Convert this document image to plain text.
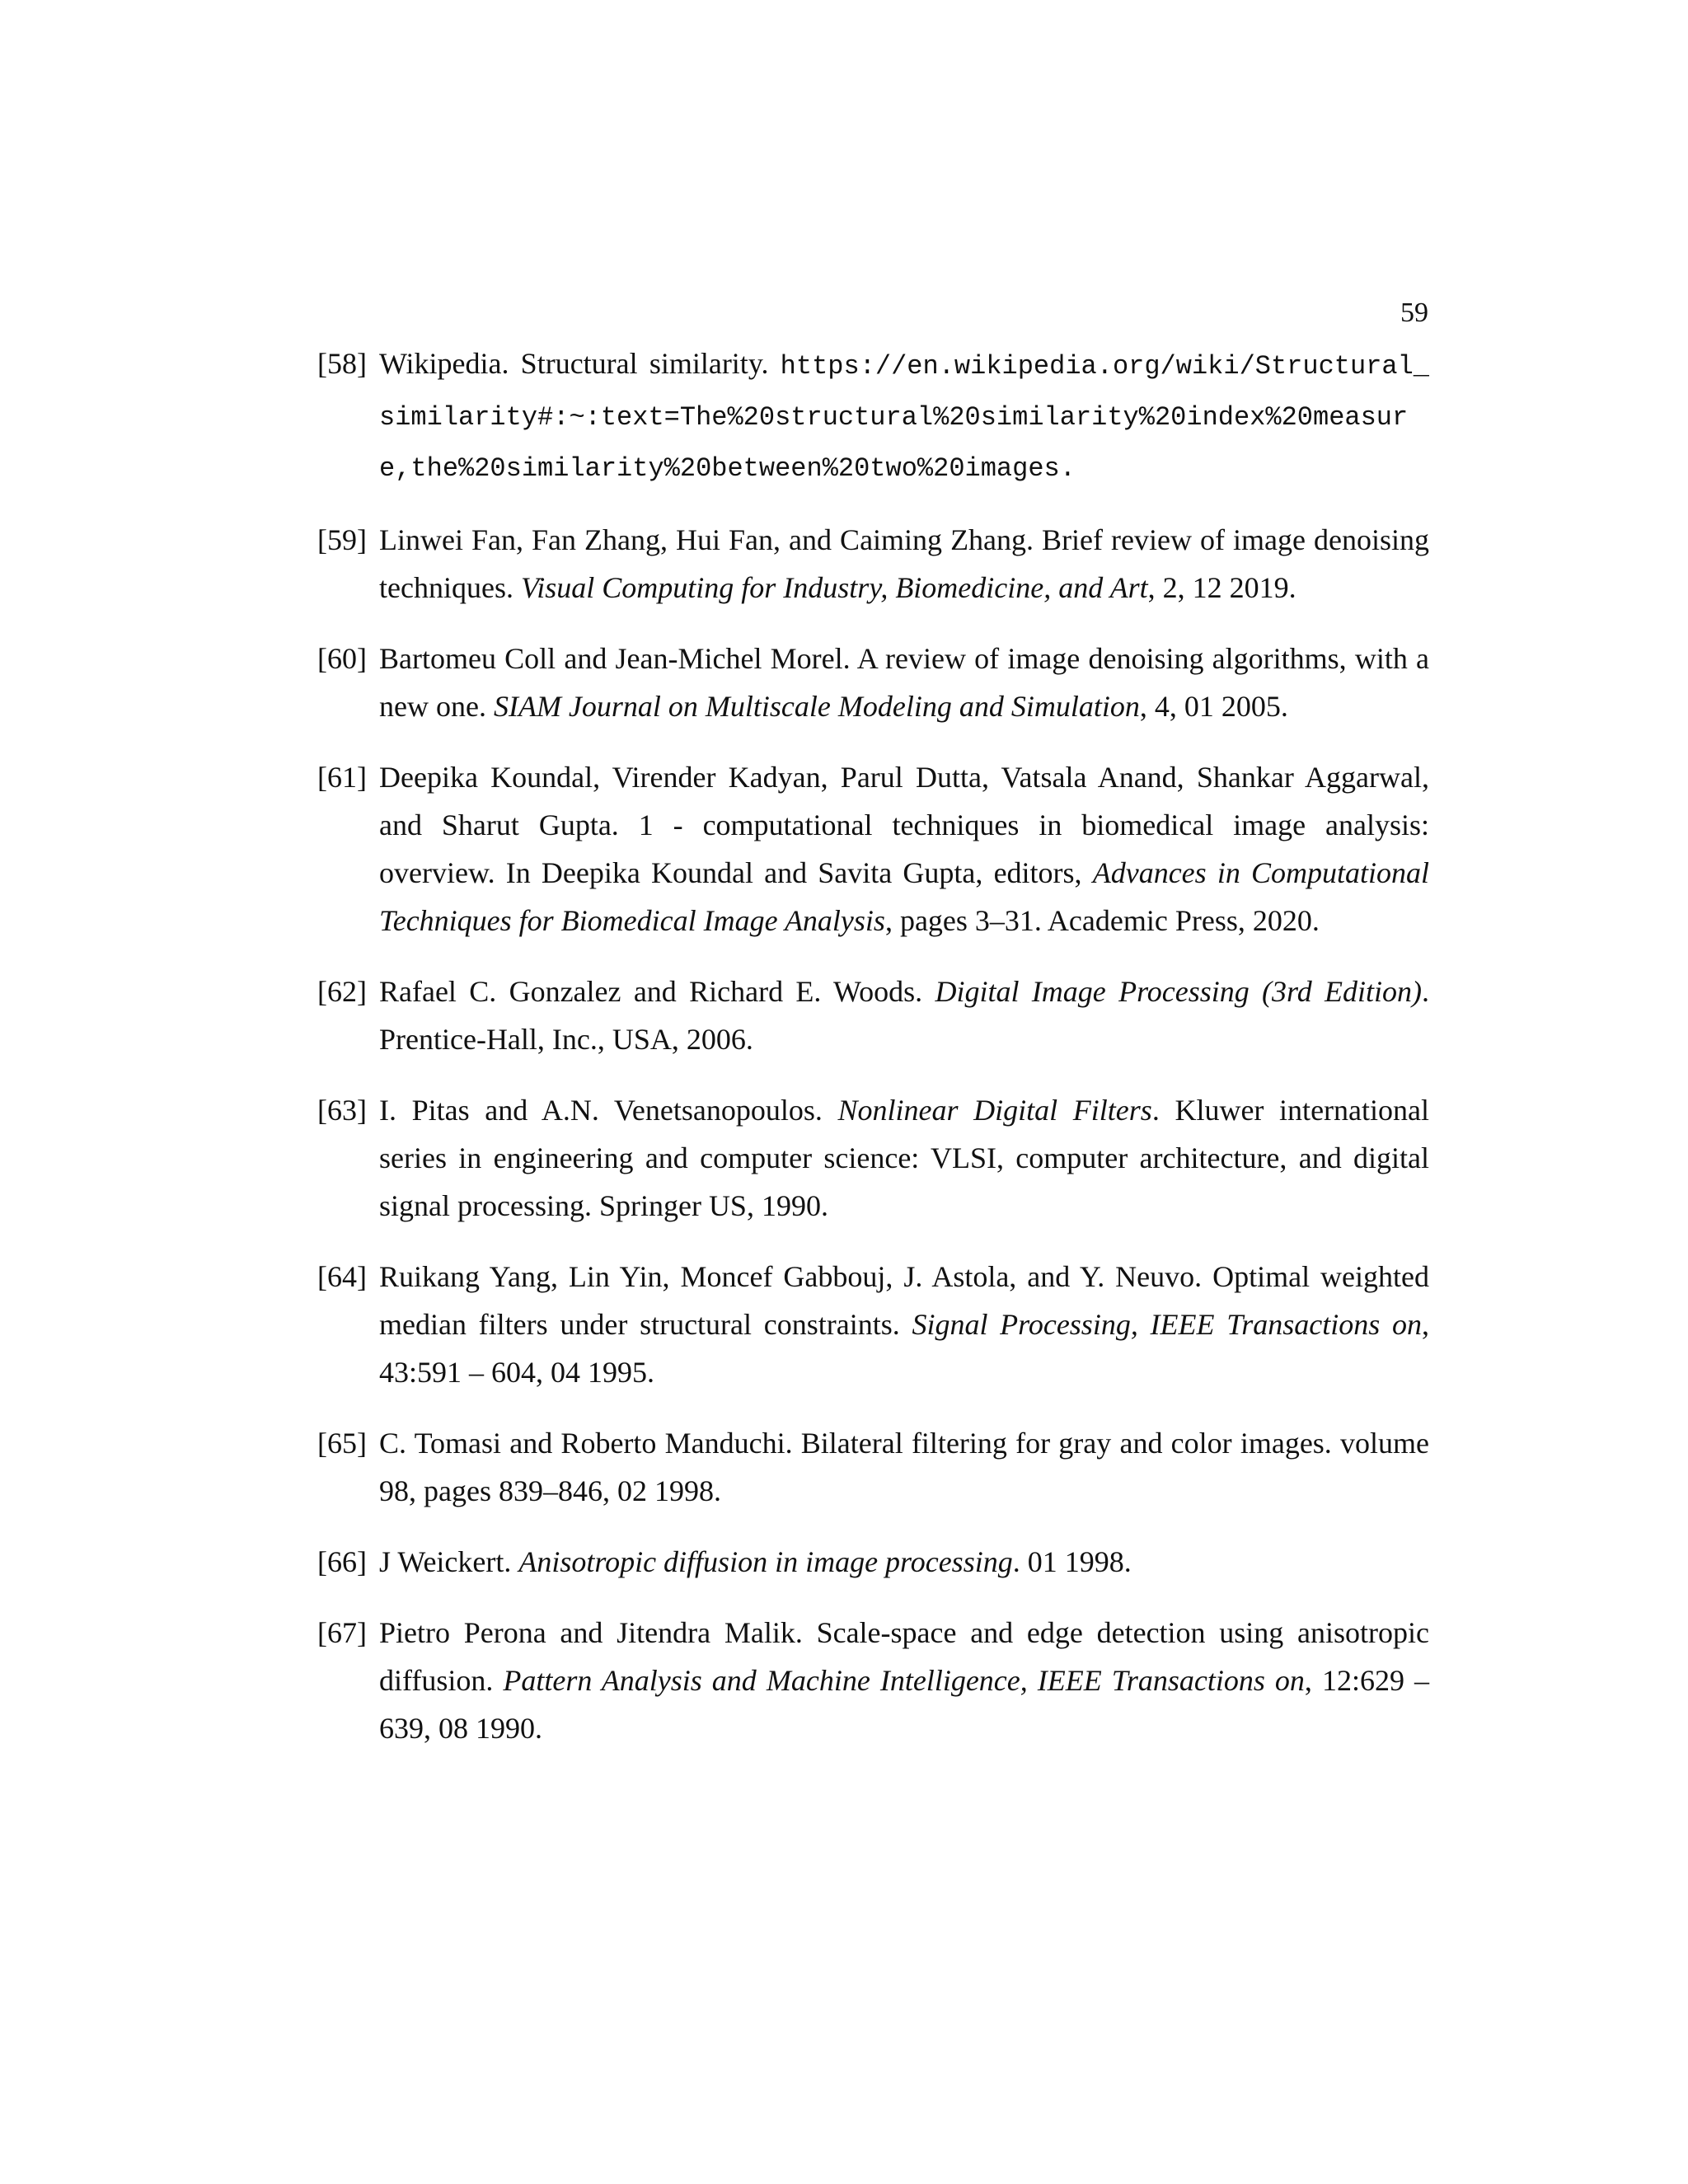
59
[58] Wikipedia. Structural similarity. https://en.wikipedia.org/wiki/Structural_similarity#:~:text=The%20structural%20similarity%20index%20measure,the%20similarity%20between%20two%20images.
[59] Linwei Fan, Fan Zhang, Hui Fan, and Caiming Zhang. Brief review of image denoising techniques. Visual Computing for Industry, Biomedicine, and Art, 2, 12 2019.
[60] Bartomeu Coll and Jean-Michel Morel. A review of image denoising algorithms, with a new one. SIAM Journal on Multiscale Modeling and Simulation, 4, 01 2005.
[61] Deepika Koundal, Virender Kadyan, Parul Dutta, Vatsala Anand, Shankar Aggarwal, and Sharut Gupta. 1 - computational techniques in biomedical image analysis: overview. In Deepika Koundal and Savita Gupta, editors, Advances in Computational Techniques for Biomedical Image Analysis, pages 3–31. Academic Press, 2020.
[62] Rafael C. Gonzalez and Richard E. Woods. Digital Image Processing (3rd Edition). Prentice-Hall, Inc., USA, 2006.
[63] I. Pitas and A.N. Venetsanopoulos. Nonlinear Digital Filters. Kluwer international series in engineering and computer science: VLSI, computer architecture, and digital signal processing. Springer US, 1990.
[64] Ruikang Yang, Lin Yin, Moncef Gabbouj, J. Astola, and Y. Neuvo. Optimal weighted median filters under structural constraints. Signal Processing, IEEE Transactions on, 43:591 – 604, 04 1995.
[65] C. Tomasi and Roberto Manduchi. Bilateral filtering for gray and color images. volume 98, pages 839–846, 02 1998.
[66] J Weickert. Anisotropic diffusion in image processing. 01 1998.
[67] Pietro Perona and Jitendra Malik. Scale-space and edge detection using anisotropic diffusion. Pattern Analysis and Machine Intelligence, IEEE Transactions on, 12:629 – 639, 08 1990.
